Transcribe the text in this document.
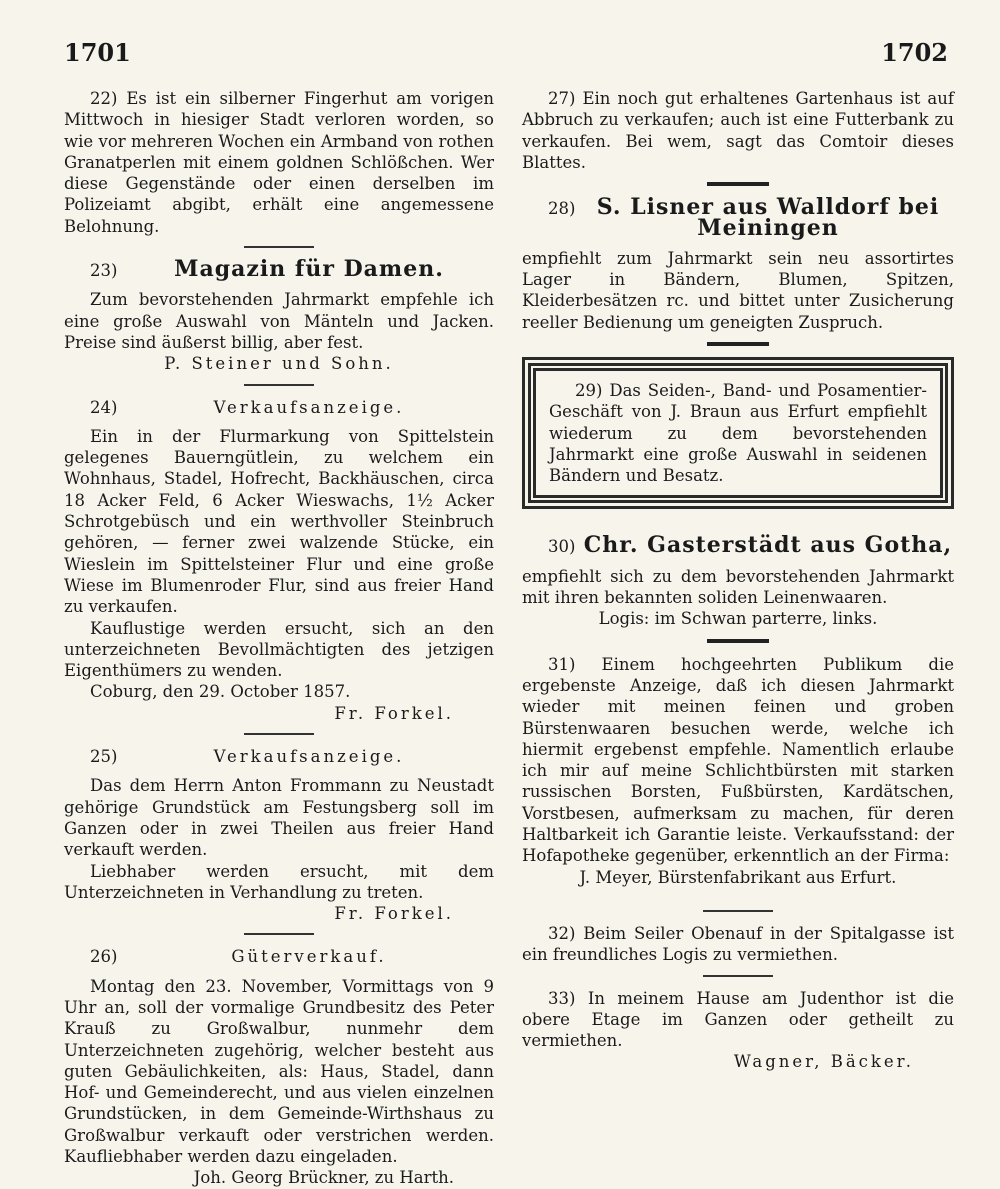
1701	1702

22) Es ist ein silberner Fingerhut am vorigen Mittwoch in hiesiger Stadt verloren worden, so wie vor mehreren Wochen ein Armband von rothen Granatperlen mit einem goldnen Schlößchen. Wer diese Gegenstände oder einen derselben im Polizeiamt abgibt, erhält eine angemessene Belohnung.

23)	Magazin für Damen.

Zum bevorstehenden Jahrmarkt empfehle ich eine große Auswahl von Mänteln und Jacken. Preise sind äußerst billig, aber fest.

P. Steiner und Sohn.

24)	Verkaufsanzeige.

Ein in der Flurmarkung von Spittelstein gelegenes Bauerngütlein, zu welchem ein Wohnhaus, Stadel, Hofrecht, Backhäuschen, circa 18 Acker Feld, 6 Acker Wieswachs, 1½ Acker Schrotgebüsch und ein werthvoller Steinbruch gehören, — ferner zwei walzende Stücke, ein Wieslein im Spittelsteiner Flur und eine große Wiese im Blumenroder Flur, sind aus freier Hand zu verkaufen.

Kauflustige werden ersucht, sich an den unterzeichneten Bevollmächtigten des jetzigen Eigenthümers zu wenden.

Coburg, den 29. October 1857.

Fr. Forkel.

25)	Verkaufsanzeige.

Das dem Herrn Anton Frommann zu Neustadt gehörige Grundstück am Festungsberg soll im Ganzen oder in zwei Theilen aus freier Hand verkauft werden.

Liebhaber werden ersucht, mit dem Unterzeichneten in Verhandlung zu treten.

Fr. Forkel.

26)	Güterverkauf.

Montag den 23. November, Vormittags von 9 Uhr an, soll der vormalige Grundbesitz des Peter Krauß zu Großwalbur, nunmehr dem Unterzeichneten zugehörig, welcher besteht aus guten Gebäulichkeiten, als: Haus, Stadel, dann Hof- und Gemeinderecht, und aus vielen einzelnen Grundstücken, in dem Gemeinde-Wirthshaus zu Großwalbur verkauft oder verstrichen werden. Kaufliebhaber werden dazu eingeladen.

Joh. Georg Brückner, zu Harth.

27) Ein noch gut erhaltenes Gartenhaus ist auf Abbruch zu verkaufen; auch ist eine Futterbank zu verkaufen. Bei wem, sagt das Comtoir dieses Blattes.

28) S. Lisner aus Walldorf bei Meiningen

empfiehlt zum Jahrmarkt sein neu assortirtes Lager in Bändern, Blumen, Spitzen, Kleiderbesätzen rc. und bittet unter Zusicherung reeller Bedienung um geneigten Zuspruch.

29) Das Seiden-, Band- und Posamentier-Geschäft von J. Braun aus Erfurt empfiehlt wiederum zu dem bevorstehenden Jahrmarkt eine große Auswahl in seidenen Bändern und Besatz.

30) Chr. Gasterstädt aus Gotha,

empfiehlt sich zu dem bevorstehenden Jahrmarkt mit ihren bekannten soliden Leinenwaaren.

Logis: im Schwan parterre, links.

31) Einem hochgeehrten Publikum die ergebenste Anzeige, daß ich diesen Jahrmarkt wieder mit meinen feinen und groben Bürstenwaaren besuchen werde, welche ich hiermit ergebenst empfehle. Namentlich erlaube ich mir auf meine Schlichtbürsten mit starken russischen Borsten, Fußbürsten, Kardätschen, Vorstbesen, aufmerksam zu machen, für deren Haltbarkeit ich Garantie leiste. Verkaufsstand: der Hofapotheke gegenüber, erkenntlich an der Firma:

J. Meyer, Bürstenfabrikant aus Erfurt.

32) Beim Seiler Obenauf in der Spitalgasse ist ein freundliches Logis zu vermiethen.

33) In meinem Hause am Judenthor ist die obere Etage im Ganzen oder getheilt zu vermiethen.

Wagner, Bäcker.
